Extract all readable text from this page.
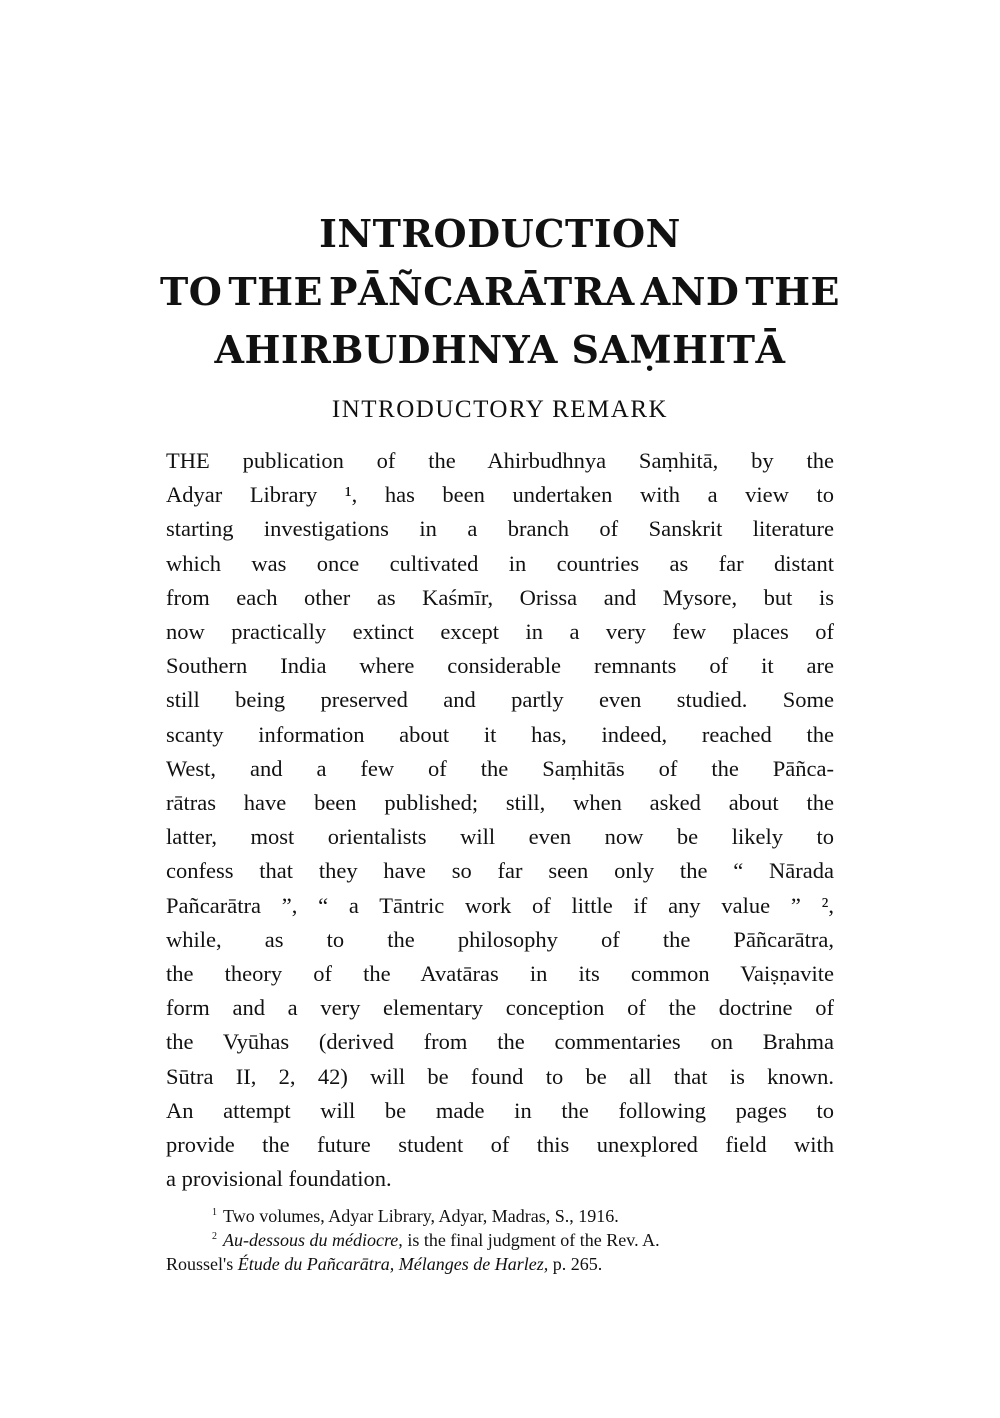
INTRODUCTION
TO THE PĀÑCARĀTRA AND THE
AHIRBUDHNYA SAṂHITĀ
INTRODUCTORY REMARK
THE publication of the Ahirbudhnya Saṃhitā, by the
Adyar Library ¹, has been undertaken with a view to
starting investigations in a branch of Sanskrit literature
which was once cultivated in countries as far distant
from each other as Kaśmīr, Orissa and Mysore, but is
now practically extinct except in a very few places of
Southern India where considerable remnants of it are
still being preserved and partly even studied. Some
scanty information about it has, indeed, reached the
West, and a few of the Saṃhitās of the Pāñca-
rātras have been published; still, when asked about the
latter, most orientalists will even now be likely to
confess that they have so far seen only the “ Nārada
Pañcarātra ”, “ a Tāntric work of little if any value ” ²,
while, as to the philosophy of the Pāñcarātra,
the theory of the Avatāras in its common Vaiṣṇavite
form and a very elementary conception of the doctrine of
the Vyūhas (derived from the commentaries on Brahma
Sūtra II, 2, 42) will be found to be all that is known.
An attempt will be made in the following pages to
provide the future student of this unexplored field with
a provisional foundation.

$^1$ Two volumes, Adyar Library, Adyar, Madras, S., 1916.

$^2$ Au-dessous du médiocre, is the final judgment of the Rev. A.

Roussel's Étude du Pañcarātra, Mélanges de Harlez, p. 265.
